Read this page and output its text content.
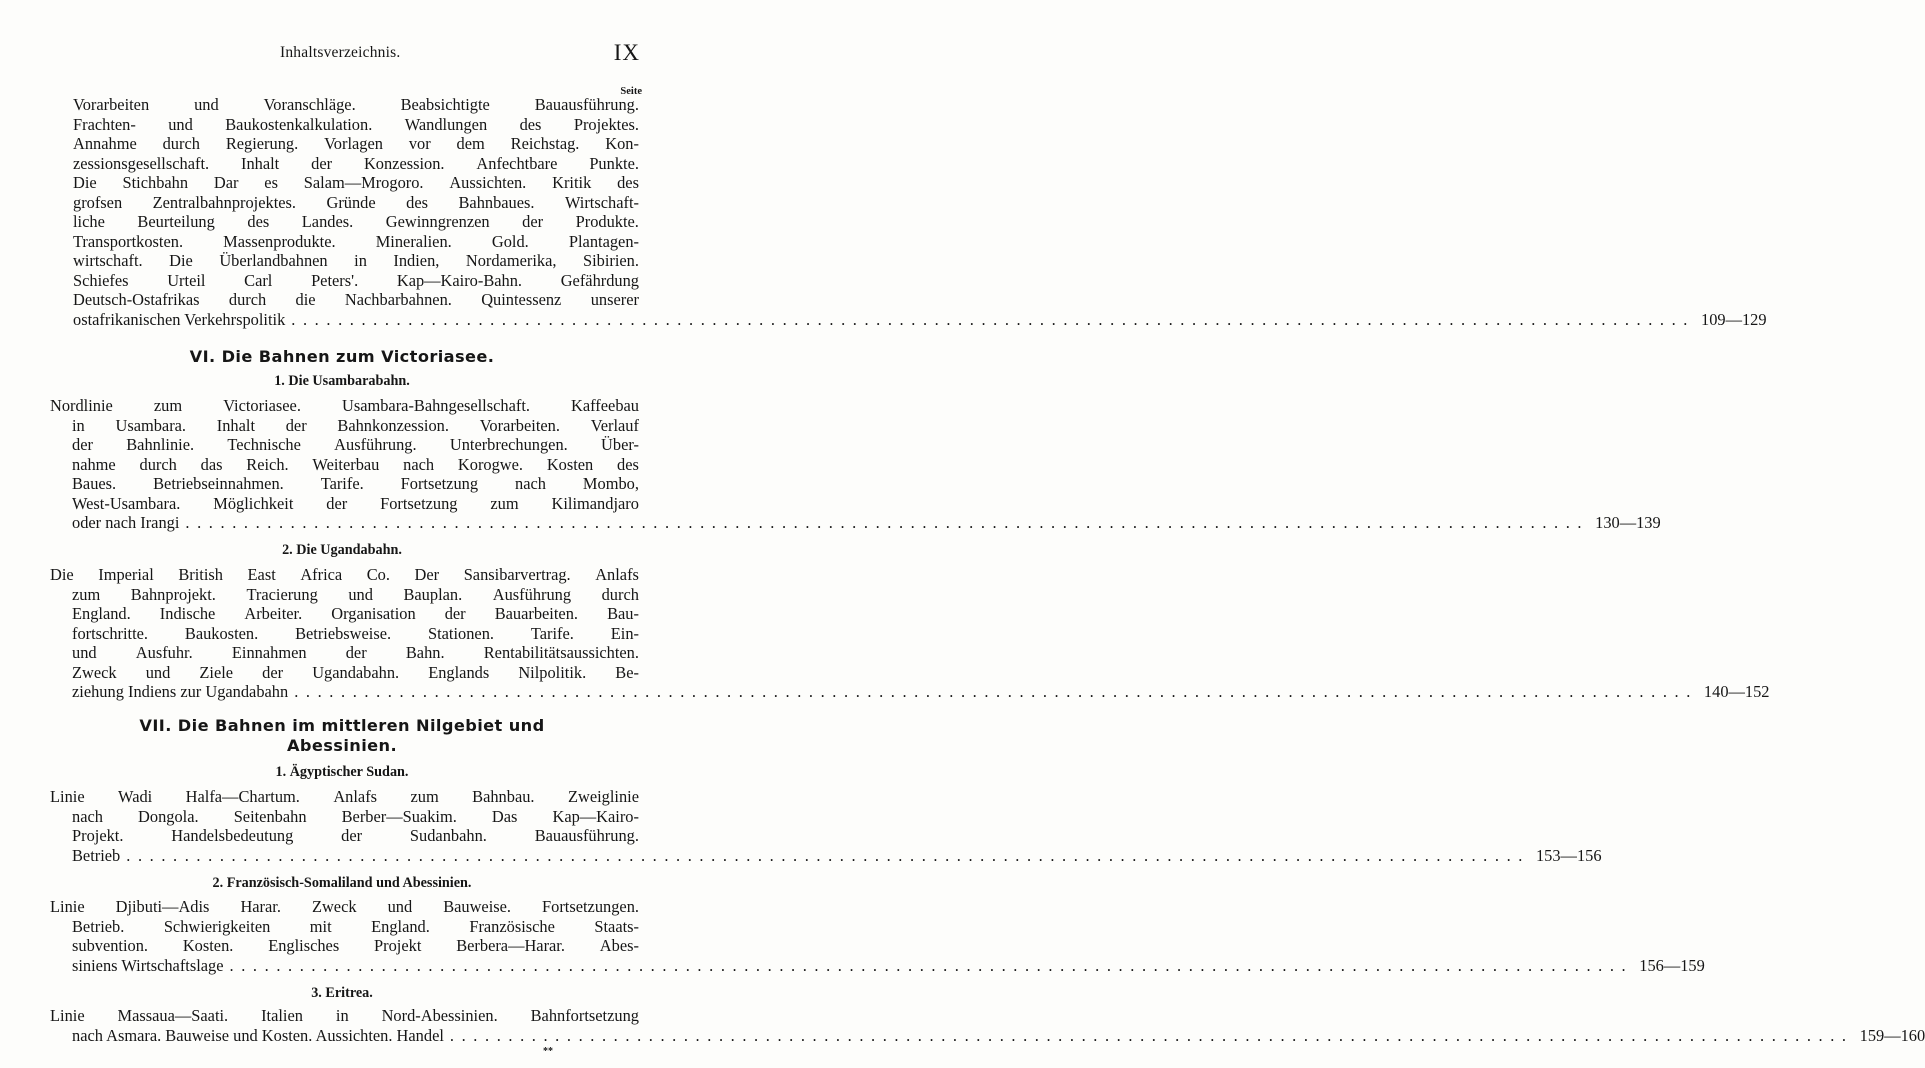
Inhaltsverzeichnis.	IX
Seite
Vorarbeiten	und	Voranschläge.	Beabsichtigte	Bauausführung.
Frachten- und Baukostenkalkulation. Wandlungen des Projektes.
Annahme durch Regierung. Vorlagen vor dem Reichstag. Kon-
zessionsgesellschaft. Inhalt der Konzession. Anfechtbare Punkte.
Die Stichbahn Dar es Salam—Mrogoro. Aussichten. Kritik des
grofsen Zentralbahnprojektes. Gründe des Bahnbaues. Wirtschaft-
liche Beurteilung des Landes. Gewinngrenzen der Produkte.
Transportkosten. Massenprodukte. Mineralien. Gold. Plantagen-
wirtschaft. Die Überlandbahnen in Indien, Nordamerika, Sibirien.
Schiefes Urteil Carl Peters'. Kap—Kairo-Bahn. Gefährdung
Deutsch-Ostafrikas durch die Nachbarbahnen. Quintessenz unserer
ostafrikanischen Verkehrspolitik ........................................................................................................................ 109—129
VI. Die Bahnen zum Victoriasee.
1. Die Usambarabahn.
Nordlinie	zum	Victoriasee.	Usambara-Bahngesellschaft.	Kaffeebau
in Usambara. Inhalt der Bahnkonzession. Vorarbeiten. Verlauf
der Bahnlinie. Technische Ausführung. Unterbrechungen. Über-
nahme durch das Reich. Weiterbau nach Korogwe. Kosten des
Baues. Betriebseinnahmen. Tarife. Fortsetzung nach Mombo,
West-Usambara. Möglichkeit der Fortsetzung zum Kilimandjaro
oder nach Irangi ........................................................................................................................ 130—139
2. Die Ugandabahn.
Die Imperial British East Africa Co. Der Sansibarvertrag. Anlafs
zum Bahnprojekt. Tracierung und Bauplan. Ausführung durch
England. Indische Arbeiter. Organisation der Bauarbeiten. Bau-
fortschritte. Baukosten. Betriebsweise. Stationen. Tarife. Ein-
und Ausfuhr. Einnahmen der Bahn. Rentabilitätsaussichten.
Zweck und Ziele der Ugandabahn. Englands Nilpolitik. Be-
ziehung Indiens zur Ugandabahn ........................................................................................................................ 140—152
VII. Die Bahnen im mittleren Nilgebiet und
Abessinien.
1. Ägyptischer Sudan.
Linie Wadi Halfa—Chartum. Anlafs zum Bahnbau. Zweiglinie
nach Dongola. Seitenbahn Berber—Suakim. Das Kap—Kairo-
Projekt.	Handelsbedeutung	der	Sudanbahn.	Bauausführung.
Betrieb ........................................................................................................................ 153—156
2. Französisch-Somaliland und Abessinien.
Linie Djibuti—Adis Harar. Zweck und Bauweise. Fortsetzungen.
Betrieb. Schwierigkeiten mit England. Französische Staats-
subvention. Kosten. Englisches Projekt Berbera—Harar. Abes-
siniens Wirtschaftslage ........................................................................................................................ 156—159
3. Eritrea.
Linie Massaua—Saati. Italien in Nord-Abessinien. Bahnfortsetzung
nach Asmara. Bauweise und Kosten. Aussichten. Handel ........................................................................................................................ 159—160
**
